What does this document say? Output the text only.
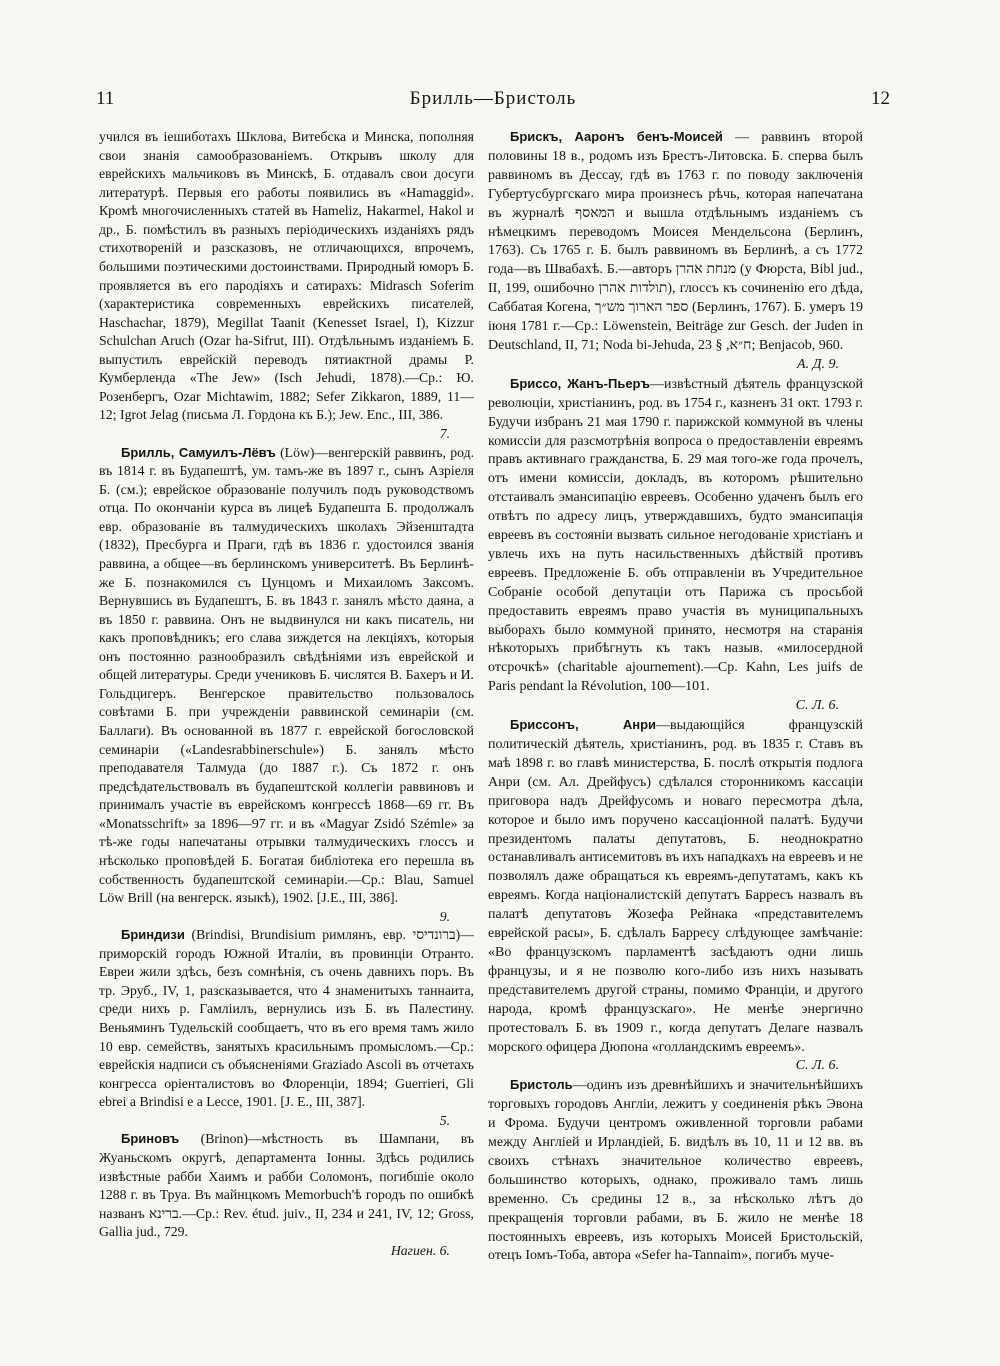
11	Брилль—Бристоль	12

учился въ іешиботахъ Шклова, Витебска и Минска, пополняя свои знанія самообразованіемъ. Открывъ школу для еврейскихъ мальчиковъ въ Минскѣ, Б. отдавалъ свои досуги литературѣ. Первыя его работы появились въ «Hamaggid». Кромѣ многочисленныхъ статей въ Hameliz, Hakarmel, Hakol и др., Б. помѣстилъ въ разныхъ періодическихъ изданіяхъ рядъ стихотвореній и разсказовъ, не отличающихся, впрочемъ, большими поэтическими достоинствами. Природный юморъ Б. проявляется въ его пародіяхъ и сатирахъ: Midrasch Soferim (характеристика современныхъ еврейскихъ писателей, Haschachar, 1879), Megillat Taanit (Kenesset Israel, I), Kizzur Schulchan Aruch (Ozar ha-Sifrut, III). Отдѣльнымъ изданіемъ Б. выпустилъ еврейскій переводъ пятиактной драмы Р. Кумберленда «The Jew» (Isch Jehudi, 1878).—Ср.: Ю. Розенбергъ, Ozar Michtawim, 1882; Sefer Zikkaron, 1889, 11—12; Igrot Jelag (письма Л. Гордона къ Б.); Jew. Enc., III, 386.

7.

Брилль, Самуилъ-Лёвъ (Löw)—венгерскій раввинъ, род. въ 1814 г. въ Будапештѣ, ум. тамъ-же въ 1897 г., сынъ Азріеля Б. (см.); еврейское образованіе получилъ подъ руководствомъ отца. По окончаніи курса въ лицеѣ Будапешта Б. продолжалъ евр. образованіе въ талмудическихъ школахъ Эйзенштадта (1832), Пресбурга и Праги, гдѣ въ 1836 г. удостоился званія раввина, а общее—въ берлинскомъ университетѣ. Въ Берлинѣ-же Б. познакомился съ Цунцомъ и Михаиломъ Заксомъ. Вернувшись въ Будапештъ, Б. въ 1843 г. занялъ мѣсто даяна, а въ 1850 г. раввина. Онъ не выдвинулся ни какъ писатель, ни какъ проповѣдникъ; его слава зиждется на лекціяхъ, которыя онъ постоянно разнообразилъ свѣдѣніями изъ еврейской и общей литературы. Среди учениковъ Б. числятся В. Бахеръ и И. Гольдцигеръ. Венгерское правительство пользовалось совѣтами Б. при учрежденіи раввинской семинаріи (см. Баллаги). Въ основанной въ 1877 г. еврейской богословской семинаріи («Landesrabbinerschule») Б. занялъ мѣсто преподавателя Талмуда (до 1887 г.). Съ 1872 г. онъ предсѣдательствовалъ въ будапештской коллегіи раввиновъ и принималъ участіе въ еврейскомъ конгрессѣ 1868—69 гг. Въ «Monatsschrift» за 1896—97 гг. и въ «Magyar Zsidó Szémle» за тѣ-же годы напечатаны отрывки талмудическихъ глоссъ и нѣсколько проповѣдей Б. Богатая библіотека его перешла въ собственность будапештской семинаріи.—Ср.: Blau, Samuel Löw Brill (на венгерск. языкѣ), 1902. [J.E., III, 386].

9.

Бриндизи (Brindisi, Brundisium римлянъ, евр. ברונדיסי)—приморскій городъ Южной Италіи, въ провинціи Отранто. Евреи жили здѣсь, безъ сомнѣнія, съ очень давнихъ поръ. Въ тр. Эруб., IV, 1, разсказывается, что 4 знаменитыхъ таннаита, среди нихъ р. Гамліилъ, вернулись изъ Б. въ Палестину. Веньяминъ Тудельскій сообщаетъ, что въ его время тамъ жило 10 евр. семействъ, занятыхъ красильнымъ промысломъ.—Ср.: еврейскія надписи съ объясненіями Graziado Ascoli въ отчетахъ конгресса оріенталистовъ во Флоренціи, 1894; Guerrieri, Gli ebrei a Brindisi e a Lecce, 1901. [J. E., III, 387].

5.

Бриновъ (Brinon)—мѣстность въ Шампани, въ Жуаньскомъ округѣ, департамента Іонны. Здѣсь родились извѣстные рабби Хаимъ и рабби Соломонъ, погибшіе около 1288 г. въ Труа. Въ майнцкомъ Memorbuch'ѣ городъ по ошибкѣ названъ ברינא.—Ср.: Rev. étud. juiv., II, 234 и 241, IV, 12; Gross, Gallia jud., 729.

Нагиен. 6.

Брискъ, Ааронъ бенъ-Моисей — раввинъ второй половины 18 в., родомъ изъ Брестъ-Литовска. Б. сперва былъ раввиномъ въ Дессау, гдѣ въ 1763 г. по поводу заключенія Губертусбургскаго мира произнесъ рѣчь, которая напечатана въ журналѣ המאסף и вышла отдѣльнымъ изданіемъ съ нѣмецкимъ переводомъ Моисея Мендельсона (Берлинъ, 1763). Съ 1765 г. Б. былъ раввиномъ въ Берлинѣ, а съ 1772 года—въ Швабахѣ. Б.—авторъ מנחת אהרן (у Фюрста, Bibl jud., II, 199, ошибочно תולדות אהרן), глоссъ къ сочиненію его дѣда, Саббатая Когена, ספר הארוך מש״ך (Берлинъ, 1767). Б. умеръ 19 іюня 1781 г.—Ср.: Löwenstein, Beiträge zur Gesch. der Juden in Deutschland, II, 71; Noda bi-Jehuda, ח״א, § 23; Benjacob, 960.

А. Д. 9.

Бриссо, Жанъ-Пьеръ—извѣстный дѣятель французской революціи, христіанинъ, род. въ 1754 г., казненъ 31 окт. 1793 г. Будучи избранъ 21 мая 1790 г. парижской коммуной въ члены комиссіи для разсмотрѣнія вопроса о предоставленіи евреямъ правъ активнаго гражданства, Б. 29 мая того-же года прочелъ, отъ имени комиссіи, докладъ, въ которомъ рѣшительно отстаивалъ эмансипацію евреевъ. Особенно удаченъ былъ его отвѣтъ по адресу лицъ, утверждавшихъ, будто эмансипація евреевъ въ состояніи вызвать сильное негодованіе христіанъ и увлечь ихъ на путь насильственныхъ дѣйствій противъ евреевъ. Предложеніе Б. объ отправленіи въ Учредительное Собраніе особой депутаціи отъ Парижа съ просьбой предоставить евреямъ право участія въ муниципальныхъ выборахъ было коммуной принято, несмотря на старанія нѣкоторыхъ прибѣгнуть къ такъ назыв. «милосердной отсрочкѣ» (charitable ajournement).—Cp. Kahn, Les juifs de Paris pendant la Révolution, 100—101.

С. Л. 6.

Бриссонъ, Анри—выдающійся французскій политическій дѣятель, христіанинъ, род. въ 1835 г. Ставъ въ маѣ 1898 г. во главѣ министерства, Б. послѣ открытія подлога Анри (см. Ал. Дрейфусъ) сдѣлался сторонникомъ кассаціи приговора надъ Дрейфусомъ и новаго пересмотра дѣла, которое и было имъ поручено кассаціонной палатѣ. Будучи президентомъ палаты депутатовъ, Б. неоднократно останавливалъ антисемитовъ въ ихъ нападкахъ на евреевъ и не позволялъ даже обращаться къ евреямъ-депутатамъ, какъ къ евреямъ. Когда націоналистскій депутатъ Барресъ назвалъ въ палатѣ депутатовъ Жозефа Рейнака «представителемъ еврейской расы», Б. сдѣлалъ Барресу слѣдующее замѣчаніе: «Во французскомъ парламентѣ засѣдаютъ одни лишь французы, и я не позволю кого-либо изъ нихъ называть представителемъ другой страны, помимо Франціи, и другого народа, кромѣ французскаго». Не менѣе энергично протестовалъ Б. въ 1909 г., когда депутатъ Делаге назвалъ морского офицера Дюпона «голландскимъ евреемъ».

С. Л. 6.

Бристоль—одинъ изъ древнѣйшихъ и значительнѣйшихъ торговыхъ городовъ Англіи, лежитъ у соединенія рѣкъ Эвона и Фрома. Будучи центромъ оживленной торговли рабами между Англіей и Ирландіей, Б. видѣлъ въ 10, 11 и 12 вв. въ своихъ стѣнахъ значительное количество евреевъ, большинство которыхъ, однако, проживало тамъ лишь временно. Съ средины 12 в., за нѣсколько лѣтъ до прекращенія торговли рабами, въ Б. жило не менѣе 18 постоянныхъ евреевъ, изъ которыхъ Моисей Бристольскій, отецъ Іомъ-Тоба, автора «Sefer ha-Tannaim», погибъ муче-
